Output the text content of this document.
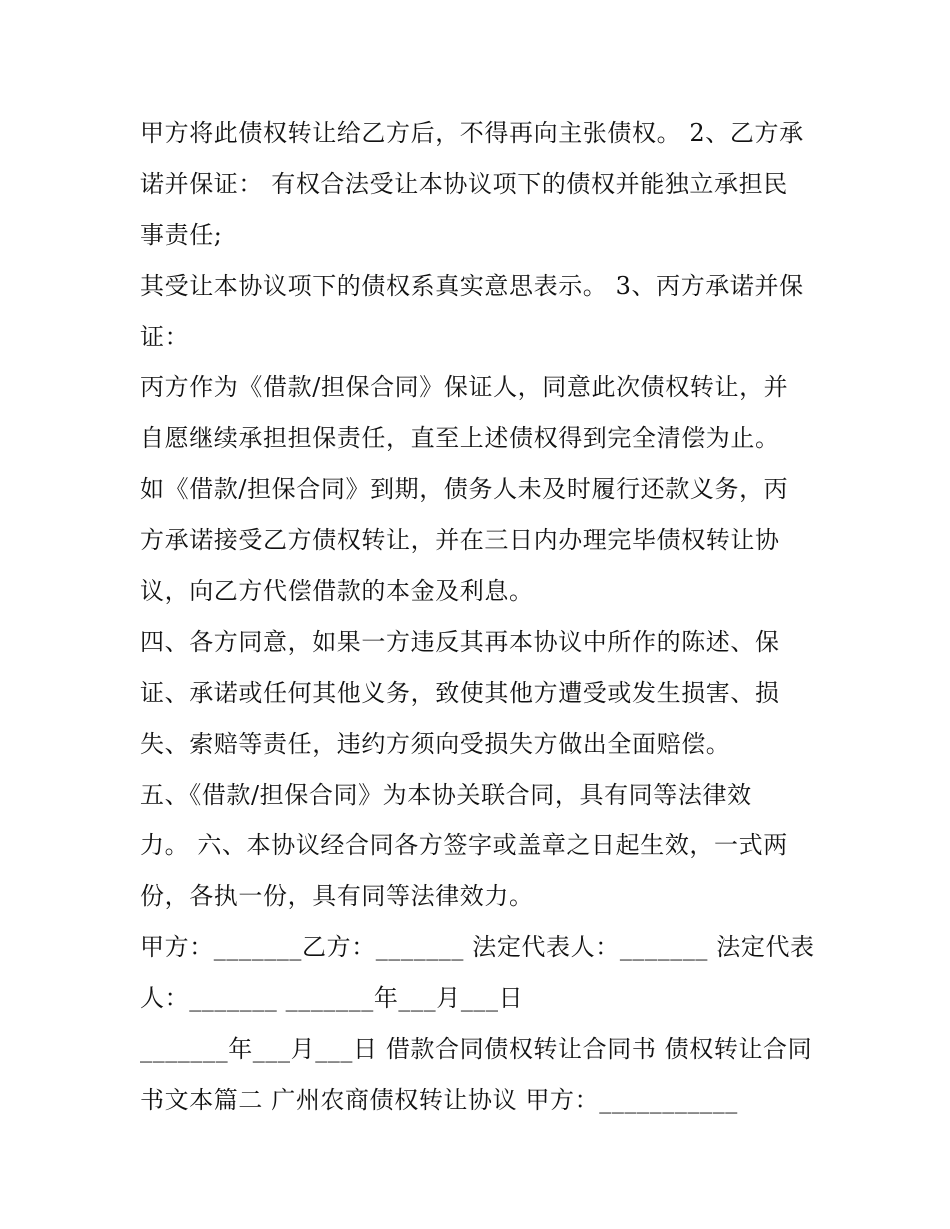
甲方将此债权转让给乙方后，不得再向主张债权。 2、乙方承
诺并保证： 有权合法受让本协议项下的债权并能独立承担民
事责任;
其受让本协议项下的债权系真实意思表示。 3、丙方承诺并保
证：
丙方作为《借款/担保合同》保证人，同意此次债权转让，并
自愿继续承担担保责任，直至上述债权得到完全清偿为止。
如《借款/担保合同》到期，债务人未及时履行还款义务，丙
方承诺接受乙方债权转让，并在三日内办理完毕债权转让协
议，向乙方代偿借款的本金及利息。
四、各方同意，如果一方违反其再本协议中所作的陈述、保
证、承诺或任何其他义务，致使其他方遭受或发生损害、损
失、索赔等责任，违约方须向受损失方做出全面赔偿。
五、《借款/担保合同》为本协关联合同，具有同等法律效
力。 六、本协议经合同各方签字或盖章之日起生效，一式两
份，各执一份，具有同等法律效力。
甲方：_______乙方：_______ 法定代表人：_______ 法定代表
人：_______ _______年___月___日
_______年___月___日 借款合同债权转让合同书 债权转让合同
书文本篇二 广州农商债权转让协议 甲方：___________
